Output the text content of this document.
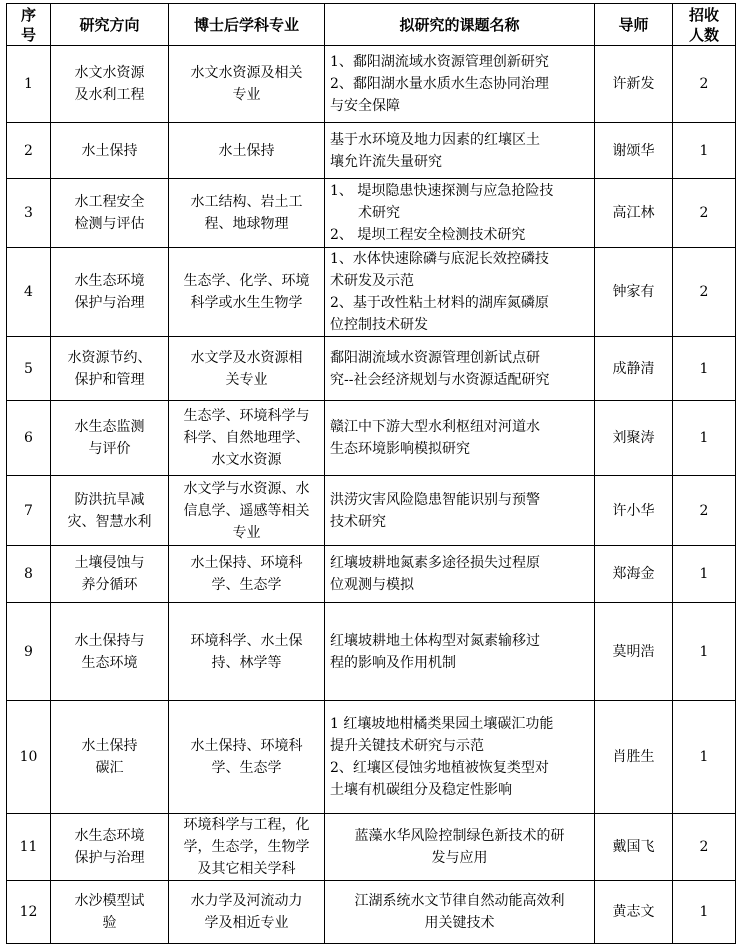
序
号	研究方向	博士后学科专业	拟研究的课题名称	导师	招收
人数

1	水文水资源
及水利工程	水文水资源及相关
专业	1、鄱阳湖流域水资源管理创新研究
2、鄱阳湖水量水质水生态协同治理
与安全保障	许新发	2
2	水土保持	水土保持	基于水环境及地力因素的红壤区土
壤允许流失量研究	谢颂华	1
3	水工程安全
检测与评估	水工结构、岩土工
程、地球物理	1、 堤坝隐患快速探测与应急抢险技
术研究
2、 堤坝工程安全检测技术研究	高江林	2
4	水生态环境
保护与治理	生态学、化学、环境
科学或水生生物学	1、水体快速除磷与底泥长效控磷技
术研发及示范
2、基于改性粘土材料的湖库氮磷原
位控制技术研发	钟家有	2
5	水资源节约、
保护和管理	水文学及水资源相
关专业	鄱阳湖流域水资源管理创新试点研
究--社会经济规划与水资源适配研究	成静清	1
6	水生态监测
与评价	生态学、环境科学与
科学、自然地理学、
水文水资源	赣江中下游大型水利枢纽对河道水
生态环境影响模拟研究	刘聚涛	1
7	防洪抗旱减
灾、智慧水利	水文学与水资源、水
信息学、遥感等相关
专业	洪涝灾害风险隐患智能识别与预警
技术研究	许小华	2
8	土壤侵蚀与
养分循环	水土保持、环境科
学、生态学	红壤坡耕地氮素多途径损失过程原
位观测与模拟	郑海金	1
9	水土保持与
生态环境	环境科学、水土保
持、林学等	红壤坡耕地土体构型对氮素输移过
程的影响及作用机制	莫明浩	1
10	水土保持
碳汇	水土保持、环境科
学、生态学	1 红壤坡地柑橘类果园土壤碳汇功能
提升关键技术研究与示范
2、红壤区侵蚀劣地植被恢复类型对
土壤有机碳组分及稳定性影响	肖胜生	1
11	水生态环境
保护与治理	环境科学与工程，化
学，生态学，生物学
及其它相关学科	蓝藻水华风险控制绿色新技术的研
发与应用	戴国飞	2
12	水沙模型试
验	水力学及河流动力
学及相近专业	江湖系统水文节律自然动能高效利
用关键技术	黄志文	1
